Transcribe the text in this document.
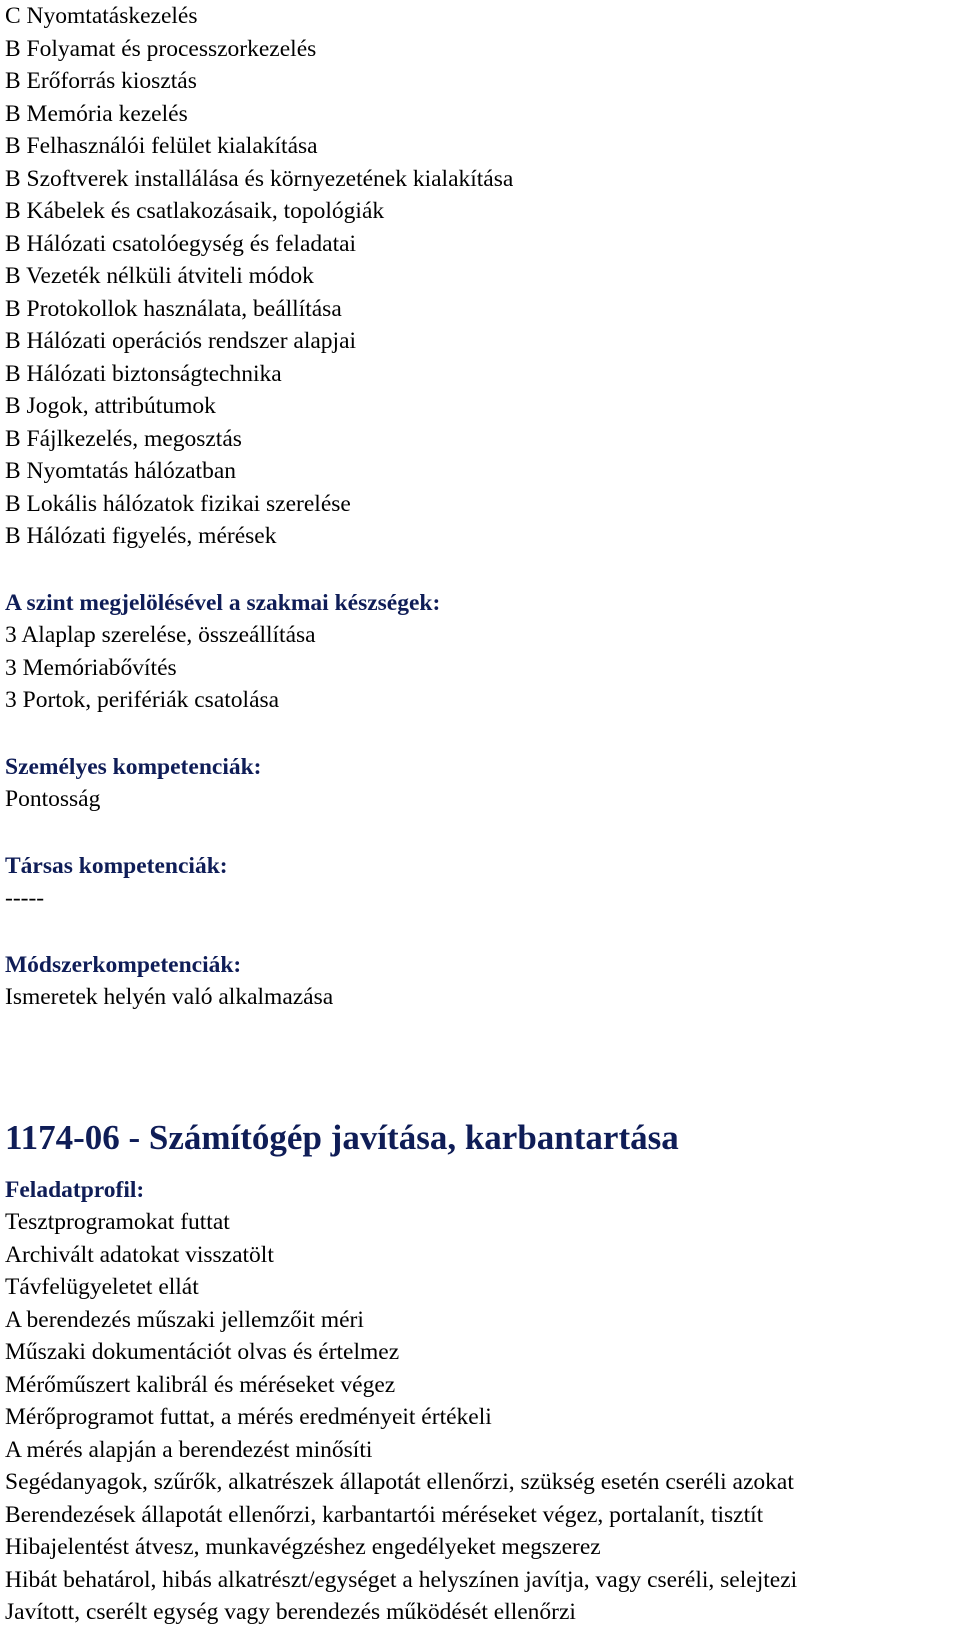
C Nyomtatáskezelés
B Folyamat és processzorkezelés
B Erőforrás kiosztás
B Memória kezelés
B Felhasználói felület kialakítása
B Szoftverek installálása és környezetének kialakítása
B Kábelek és csatlakozásaik, topológiák
B Hálózati csatolóegység és feladatai
B Vezeték nélküli átviteli módok
B Protokollok használata, beállítása
B Hálózati operációs rendszer alapjai
B Hálózati biztonságtechnika
B Jogok, attribútumok
B Fájlkezelés, megosztás
B Nyomtatás hálózatban
B Lokális hálózatok fizikai szerelése
B Hálózati figyelés, mérések
A szint megjelölésével a szakmai készségek:
3 Alaplap szerelése, összeállítása
3 Memóriabővítés
3 Portok, perifériák csatolása
Személyes kompetenciák:
Pontosság
Társas kompetenciák:
-----
Módszerkompetenciák:
Ismeretek helyén való alkalmazása
1174-06 - Számítógép javítása, karbantartása
Feladatprofil:
Tesztprogramokat futtat
Archivált adatokat visszatölt
Távfelügyeletet ellát
A berendezés műszaki jellemzőit méri
Műszaki dokumentációt olvas és értelmez
Mérőműszert kalibrál és méréseket végez
Mérőprogramot futtat, a mérés eredményeit értékeli
A mérés alapján a berendezést minősíti
Segédanyagok, szűrők, alkatrészek állapotát ellenőrzi, szükség esetén cseréli azokat
Berendezések állapotát ellenőrzi, karbantartói méréseket végez, portalanít, tisztít
Hibajelentést átvesz, munkavégzéshez engedélyeket megszerez
Hibát behatárol, hibás alkatrészt/egységet a helyszínen javítja, vagy cseréli, selejtezi
Javított, cserélt egység vagy berendezés működését ellenőrzi
